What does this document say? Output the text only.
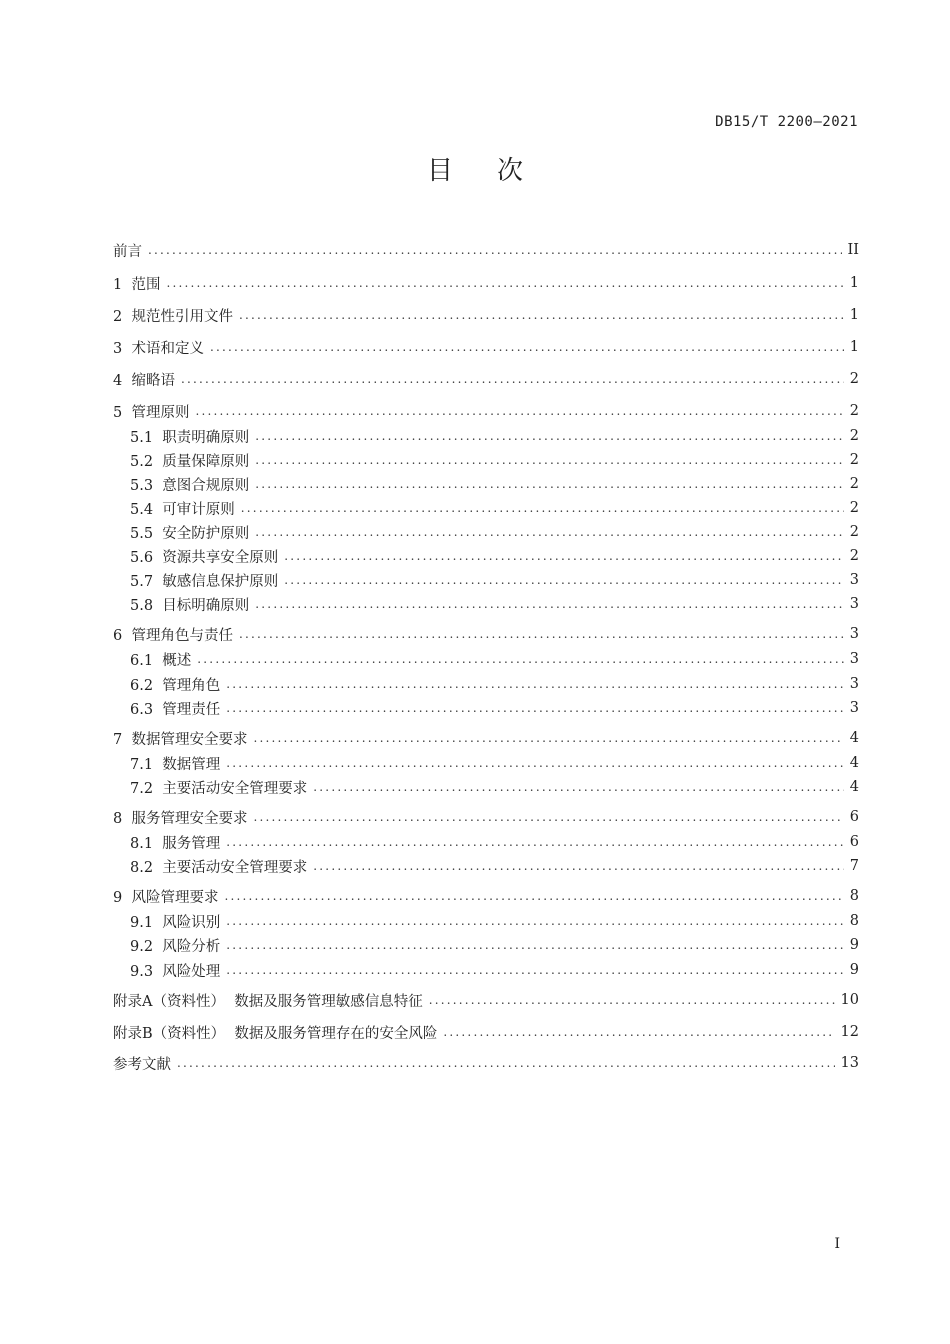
DB15/T 2200—2021
目次
前言 .....	II
1  范围 .....	1
2  规范性引用文件 .....	1
3  术语和定义 .....	1
4  缩略语 .....	2
5  管理原则 .....	2
5.1  职责明确原则 .....	2
5.2  质量保障原则 .....	2
5.3  意图合规原则 .....	2
5.4  可审计原则 .....	2
5.5  安全防护原则 .....	2
5.6  资源共享安全原则 .....	2
5.7  敏感信息保护原则 .....	3
5.8  目标明确原则 .....	3
6  管理角色与责任 .....	3
6.1  概述 .....	3
6.2  管理角色 .....	3
6.3  管理责任 .....	3
7  数据管理安全要求 .....	4
7.1  数据管理 .....	4
7.2  主要活动安全管理要求 .....	4
8  服务管理安全要求 .....	6
8.1  服务管理 .....	6
8.2  主要活动安全管理要求 .....	7
9  风险管理要求 .....	8
9.1  风险识别 .....	8
9.2  风险分析 .....	9
9.3  风险处理 .....	9
附录A（资料性）  数据及服务管理敏感信息特征 .....	10
附录B（资料性）  数据及服务管理存在的安全风险 .....	12
参考文献 .....	13
I
